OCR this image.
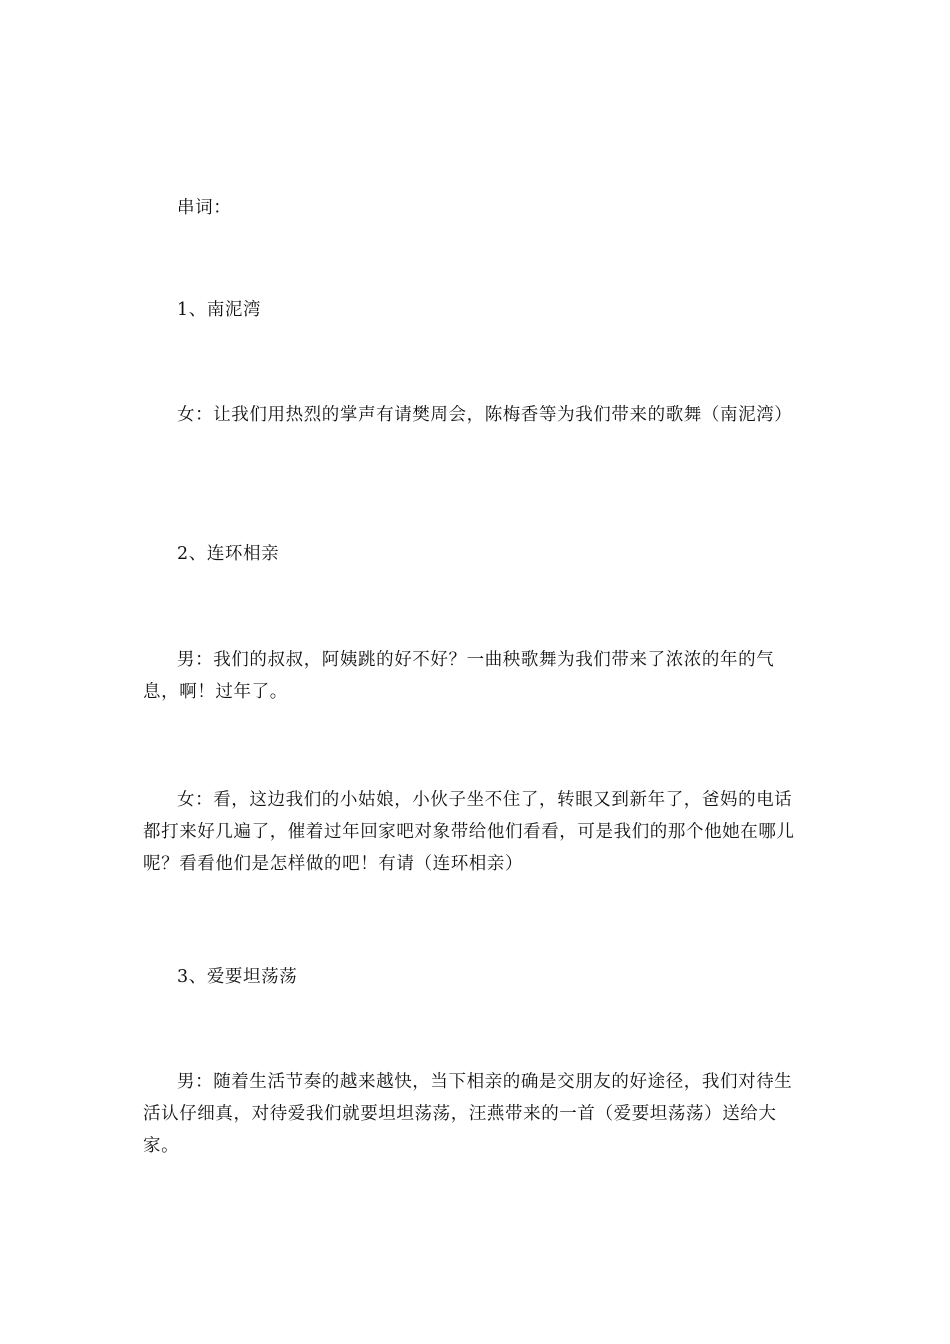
串词：

1、南泥湾

女：让我们用热烈的掌声有请樊周会，陈梅香等为我们带来的歌舞（南泥湾）

2、连环相亲

男：我们的叔叔，阿姨跳的好不好？一曲秧歌舞为我们带来了浓浓的年的气息，啊！过年了。

女：看，这边我们的小姑娘，小伙子坐不住了，转眼又到新年了，爸妈的电话都打来好几遍了，催着过年回家吧对象带给他们看看，可是我们的那个他她在哪儿呢？看看他们是怎样做的吧！有请（连环相亲）

3、爱要坦荡荡

男：随着生活节奏的越来越快，当下相亲的确是交朋友的好途径，我们对待生活认仔细真，对待爱我们就要坦坦荡荡，汪燕带来的一首（爱要坦荡荡）送给大家。
